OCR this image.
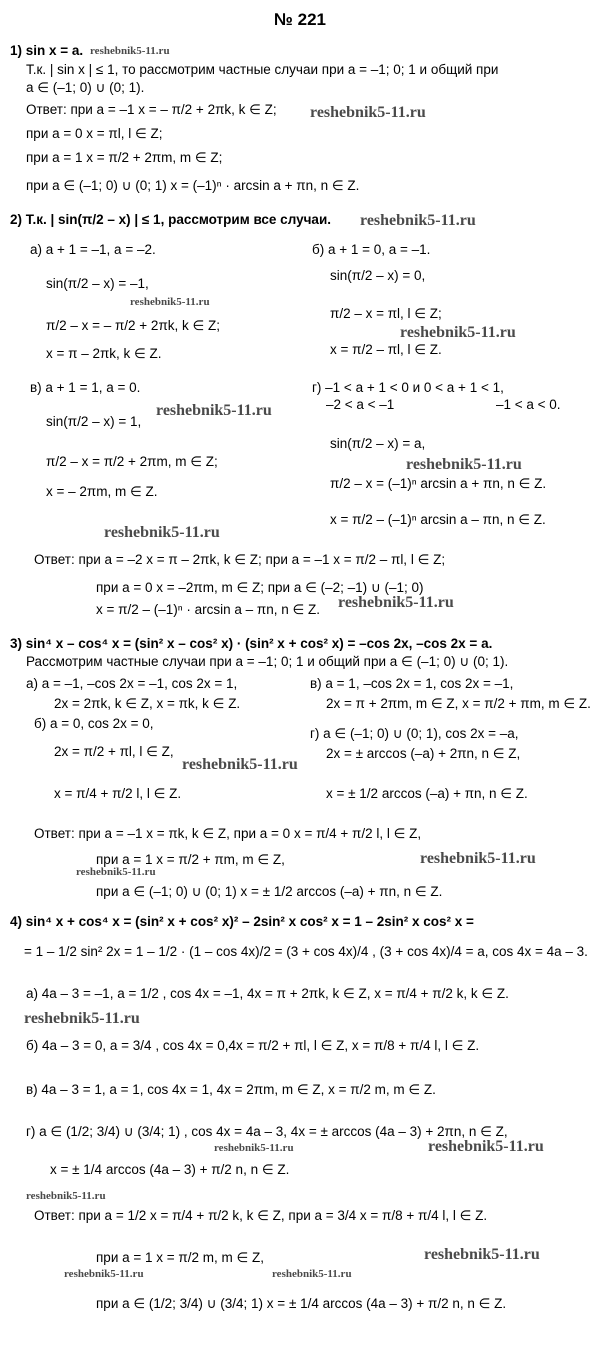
№ 221
1) sin x = a.
Т.к. | sin x | ≤ 1, то рассмотрим частные случаи при a = –1; 0; 1 и общий при
a ∈ (–1; 0) ∪ (0; 1).
Ответ: при a = –1 x = – π/2 + 2πk, k ∈ Z;
при a = 0 x = πl, l ∈ Z;
при a = 1 x = π/2 + 2πm, m ∈ Z;
при a ∈ (–1; 0) ∪ (0; 1) x = (–1)ⁿ · arcsin a + πn, n ∈ Z.
2) Т.к. | sin(π/2 – x) | ≤ 1, рассмотрим все случаи.
а) a + 1 = –1, a = –2.	б) a + 1 = 0, a = –1.
sin(π/2 – x) = –1,
sin(π/2 – x) = 0,
π/2 – x = – π/2 + 2πk, k ∈ Z;
π/2 – x = πl, l ∈ Z;
x = π – 2πk, k ∈ Z.	x = π/2 – πl, l ∈ Z.
в) a + 1 = 1, a = 0.	г) –1 < a + 1 < 0 и 0 < a + 1 < 1,
–2 < a < –1	–1 < a < 0.
sin(π/2 – x) = 1,
sin(π/2 – x) = a,
π/2 – x = π/2 + 2πm, m ∈ Z;
π/2 – x = (–1)ⁿ arcsin a + πn, n ∈ Z.
x = – 2πm, m ∈ Z.
x = π/2 – (–1)ⁿ arcsin a – πn, n ∈ Z.
Ответ: при a = –2 x = π – 2πk, k ∈ Z; при a = –1 x = π/2 – πl, l ∈ Z;
при a = 0 x = –2πm, m ∈ Z; при a ∈ (–2; –1) ∪ (–1; 0)
x = π/2 – (–1)ⁿ · arcsin a – πn, n ∈ Z.
3) sin⁴ x – cos⁴ x = (sin² x – cos² x) · (sin² x + cos² x) = –cos 2x, –cos 2x = a.
Рассмотрим частные случаи при a = –1; 0; 1 и общий при a ∈ (–1; 0) ∪ (0; 1).
а) a = –1, –cos 2x = –1, cos 2x = 1,	в) a = 1, –cos 2x = 1, cos 2x = –1,
2x = 2πk, k ∈ Z, x = πk, k ∈ Z.	2x = π + 2πm, m ∈ Z, x = π/2 + πm, m ∈ Z.
б) a = 0, cos 2x = 0,
г) a ∈ (–1; 0) ∪ (0; 1), cos 2x = –a,
2x = π/2 + πl, l ∈ Z,	2x = ± arccos (–a) + 2πn, n ∈ Z,
x = π/4 + π/2 l, l ∈ Z.	x = ± 1/2 arccos (–a) + πn, n ∈ Z.
Ответ: при a = –1 x = πk, k ∈ Z, при a = 0 x = π/4 + π/2 l, l ∈ Z,
при a = 1 x = π/2 + πm, m ∈ Z,
при a ∈ (–1; 0) ∪ (0; 1) x = ± 1/2 arccos (–a) + πn, n ∈ Z.
4) sin⁴ x + cos⁴ x = (sin² x + cos² x)² – 2sin² x cos² x = 1 – 2sin² x cos² x =
= 1 – 1/2 sin² 2x = 1 – 1/2 · (1 – cos 4x)/2 = (3 + cos 4x)/4 , (3 + cos 4x)/4 = a, cos 4x = 4a – 3.
а) 4a – 3 = –1, a = 1/2 , cos 4x = –1, 4x = π + 2πk, k ∈ Z, x = π/4 + π/2 k, k ∈ Z.
б) 4a – 3 = 0, a = 3/4 , cos 4x = 0,4x = π/2 + πl, l ∈ Z, x = π/8 + π/4 l, l ∈ Z.
в) 4a – 3 = 1, a = 1, cos 4x = 1, 4x = 2πm, m ∈ Z, x = π/2 m, m ∈ Z.
г) a ∈ (1/2; 3/4) ∪ (3/4; 1) , cos 4x = 4a – 3, 4x = ± arccos (4a – 3) + 2πn, n ∈ Z,
x = ± 1/4 arccos (4a – 3) + π/2 n, n ∈ Z.
Ответ: при a = 1/2 x = π/4 + π/2 k, k ∈ Z, при a = 3/4 x = π/8 + π/4 l, l ∈ Z.
при a = 1 x = π/2 m, m ∈ Z,
при a ∈ (1/2; 3/4) ∪ (3/4; 1) x = ± 1/4 arccos (4a – 3) + π/2 n, n ∈ Z.
reshebnik5-11.ru
reshebnik5-11.ru
reshebnik5-11.ru
reshebnik5-11.ru
reshebnik5-11.ru
reshebnik5-11.ru
reshebnik5-11.ru
reshebnik5-11.ru
reshebnik5-11.ru
reshebnik5-11.ru
reshebnik5-11.ru
reshebnik5-11.ru
reshebnik5-11.ru
reshebnik5-11.ru	reshebnik5-11.ru
reshebnik5-11.ru
reshebnik5-11.ru
reshebnik5-11.ru	reshebnik5-11.ru
